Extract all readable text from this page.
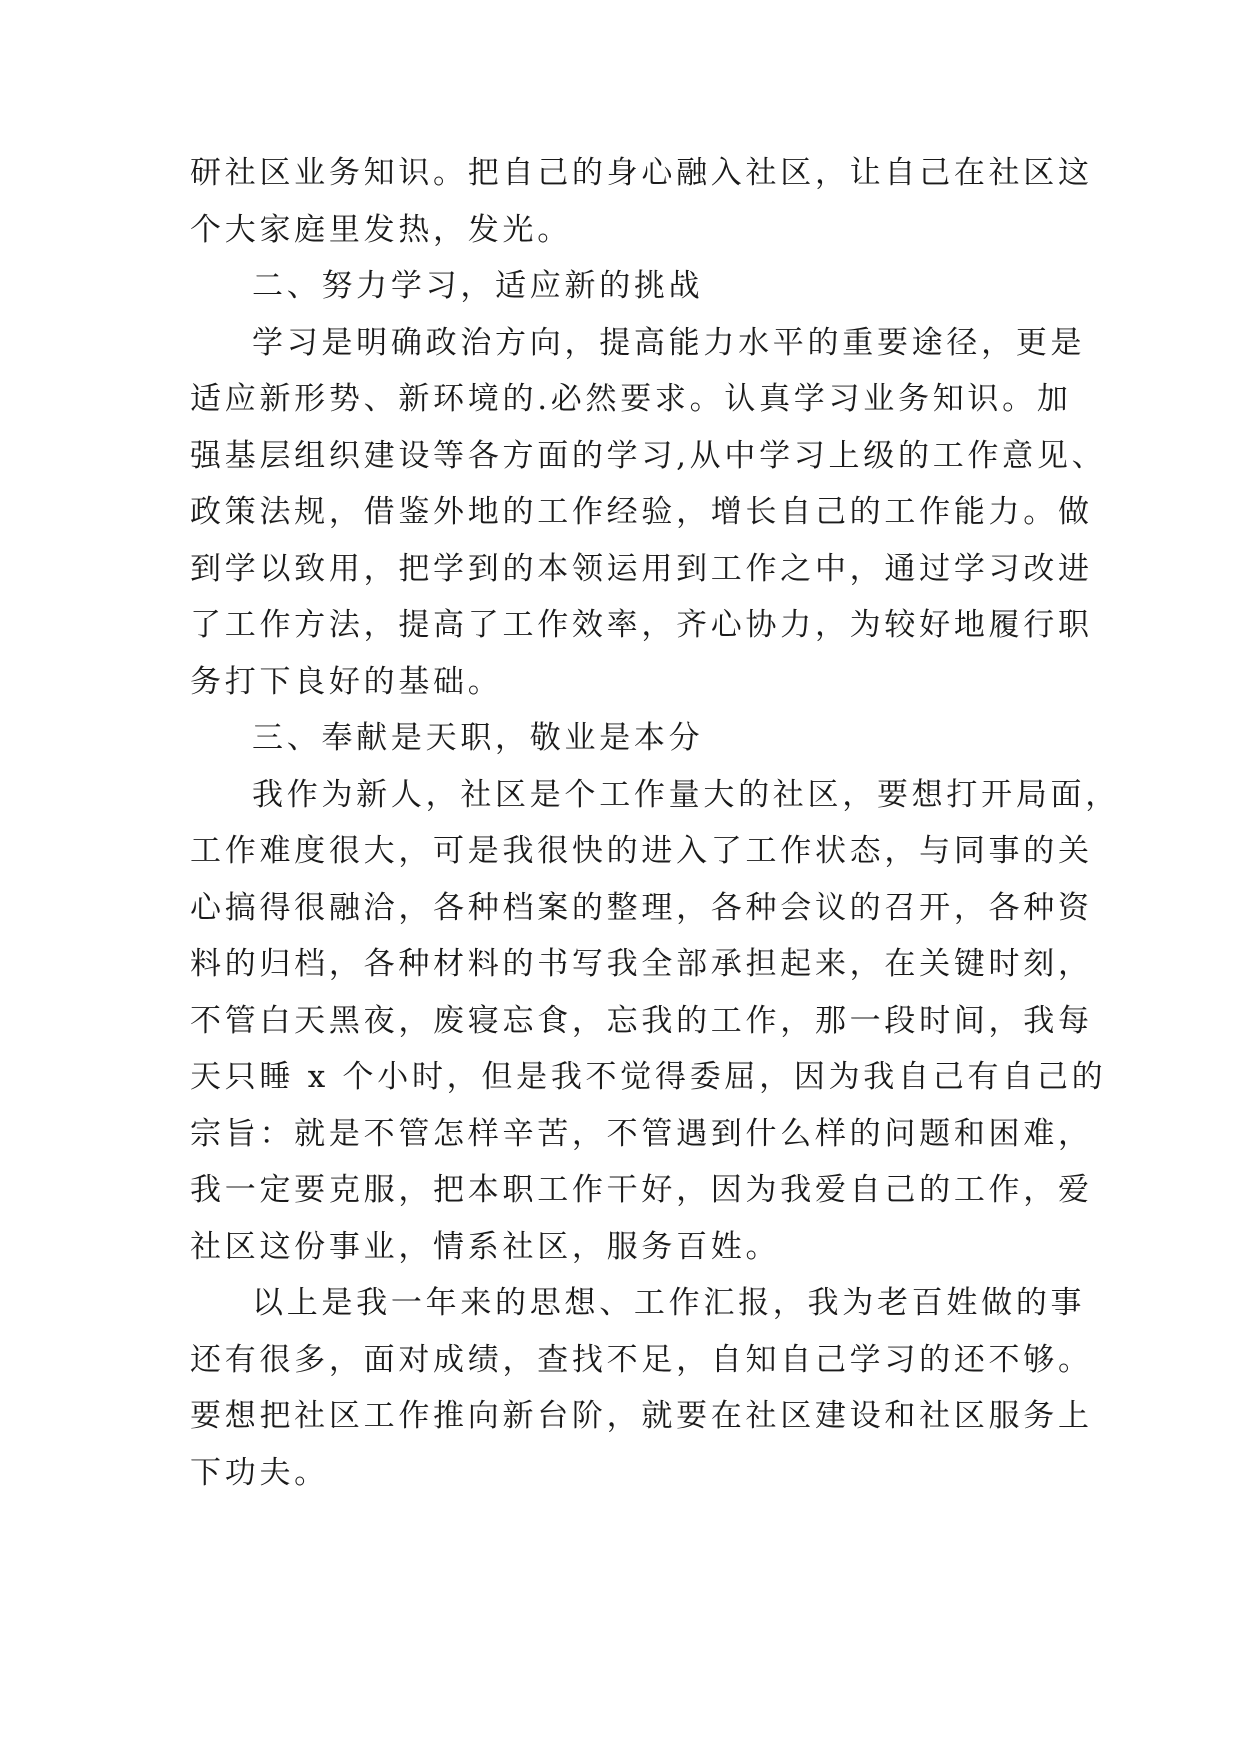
研社区业务知识。把自己的身心融入社区，让自己在社区这
个大家庭里发热，发光。
二、努力学习，适应新的挑战
学习是明确政治方向，提高能力水平的重要途径，更是
适应新形势、新环境的.必然要求。认真学习业务知识。加
强基层组织建设等各方面的学习,从中学习上级的工作意见、
政策法规，借鉴外地的工作经验，增长自己的工作能力。做
到学以致用，把学到的本领运用到工作之中，通过学习改进
了工作方法，提高了工作效率，齐心协力，为较好地履行职
务打下良好的基础。
三、奉献是天职，敬业是本分
我作为新人，社区是个工作量大的社区，要想打开局面，
工作难度很大，可是我很快的进入了工作状态，与同事的关
心搞得很融洽，各种档案的整理，各种会议的召开，各种资
料的归档，各种材料的书写我全部承担起来，在关键时刻，
不管白天黑夜，废寝忘食，忘我的工作，那一段时间，我每
天只睡 x 个小时，但是我不觉得委屈，因为我自己有自己的
宗旨：就是不管怎样辛苦，不管遇到什么样的问题和困难，
我一定要克服，把本职工作干好，因为我爱自己的工作，爱
社区这份事业，情系社区，服务百姓。
以上是我一年来的思想、工作汇报，我为老百姓做的事
还有很多，面对成绩，查找不足，自知自己学习的还不够。
要想把社区工作推向新台阶，就要在社区建设和社区服务上
下功夫。
